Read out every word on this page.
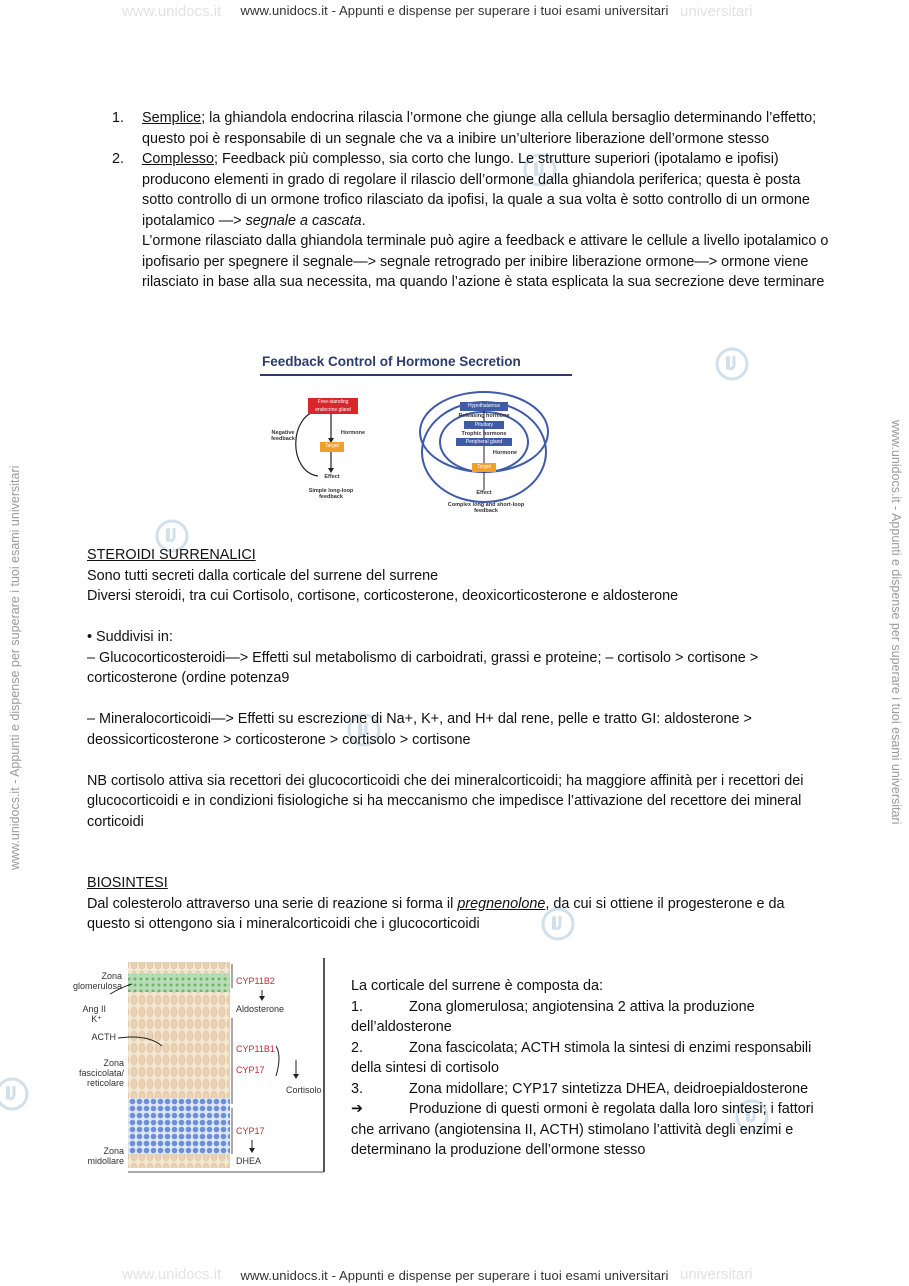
www.unidocs.it	universitari
www.unidocs.it - Appunti e dispense per superare i tuoi esami universitari
www.unidocs.it	universitari
www.unidocs.it - Appunti e dispense per superare i tuoi esami universitari
www.unidocs.it - Appunti e dispense per superare i tuoi esami universitari	www.unidocs.it - Appunti e dispense per superare i tuoi esami universitari
1. Semplice; la ghiandola endocrina rilascia l’ormone che giunge alla cellula bersaglio determinando l’effetto; questo poi è responsabile di un segnale che va a inibire un’ulteriore liberazione dell’ormone stesso
2. Complesso; Feedback più complesso, sia corto che lungo. Le strutture superiori (ipotalamo e ipofisi) producono elementi in grado di regolare il rilascio dell’ormone dalla ghiandola periferica; questa è posta sotto controllo di un ormone trofico rilasciato da ipofisi, la quale a sua volta è sotto controllo di un ormone ipotalamico —> segnale a cascata.
L’ormone rilasciato dalla ghiandola terminale può agire a feedback e attivare le cellule a livello ipotalamico o ipofisario per spegnere il segnale—> segnale retrogrado per inibire liberazione ormone—> ormone viene rilasciato in base alla sua necessita, ma quando l’azione è stata esplicata la sua secrezione deve terminare
Feedback Control of Hormone Secretion
Free-standing endocrine gland
Negative feedback
Hormone
Target
Effect
Simple long-loop feedback
Hypothalamus
Releasing hormone
Pituitary
Trophic hormone
Peripheral gland
Hormone
Target
Effect
Complex long and short-loop feedback
STEROIDI SURRENALICI
Sono tutti secreti dalla corticale del surrene del surrene
Diversi steroidi, tra cui Cortisolo, cortisone, corticosterone, deoxicorticosterone e aldosterone
• Suddivisi in:
– Glucocorticosteroidi—> Effetti sul metabolismo di carboidrati, grassi e proteine; – cortisolo > cortisone > corticosterone (ordine potenza9
– Mineralocorticoidi—> Effetti su escrezione di Na+, K+, and H+ dal rene, pelle e tratto GI: aldosterone > deossicorticosterone > corticosterone > cortisolo > cortisone
NB cortisolo attiva sia recettori dei glucocorticoidi che dei mineralcorticoidi; ha maggiore affinità per i recettori dei glucocorticoidi e in condizioni fisiologiche si ha meccanismo che impedisce l’attivazione del recettore dei mineral corticoidi
BIOSINTESI
Dal colesterolo attraverso una serie di reazione si forma il pregnenolone, da cui si ottiene il progesterone e da questo si ottengono sia i mineralcorticoidi che i glucocorticoidi
Zona glomerulosa
Ang II
K⁺
ACTH
Zona fascicolata/ reticolare
Zona midollare
CYP11B2
Aldosterone
CYP11B1
CYP17
Cortisolo
CYP17
DHEA
La corticale del surrene è composta da:
1.	Zona glomerulosa; angiotensina 2 attiva la produzione dell’aldosterone
2.	Zona fascicolata; ACTH stimola la sintesi di enzimi responsabili della sintesi di cortisolo
3.	Zona midollare; CYP17 sintetizza DHEA, deidroepialdosterone
➔	Produzione di questi ormoni è regolata dalla loro sintesi; i fattori che arrivano (angiotensina II, ACTH) stimolano l’attività degli enzimi e determinano la produzione dell’ormone stesso
